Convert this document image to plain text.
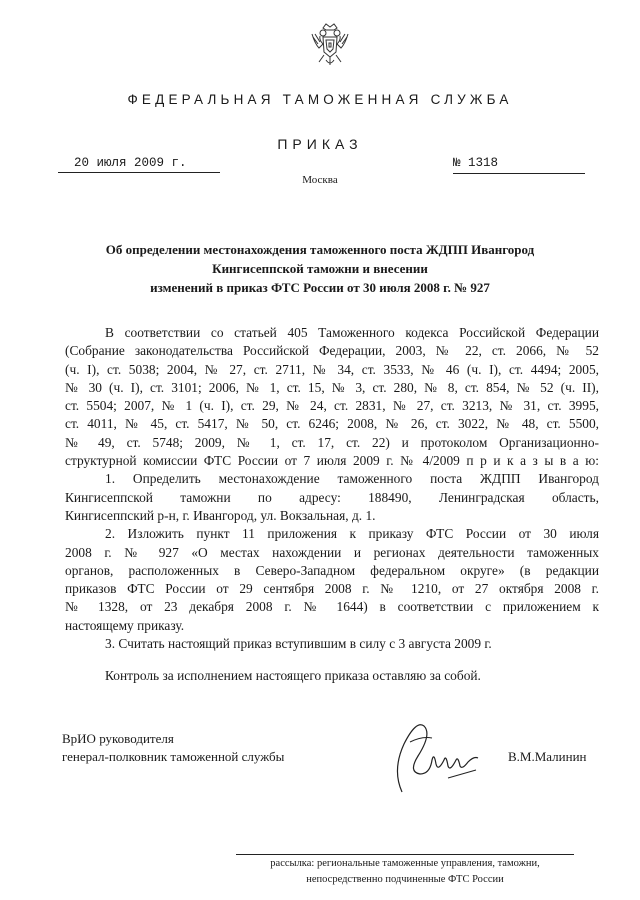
ФЕДЕРАЛЬНАЯ ТАМОЖЕННАЯ СЛУЖБА
ПРИКАЗ
20 июля 2009 г.	№ 1318
Москва
Об определении местонахождения таможенного поста ЖДПП Ивангород
Кингисеппской таможни и внесении
изменений в приказ ФТС России от 30 июля 2008 г. № 927

В соответствии со статьей 405 Таможенного кодекса Российской Федерации

(Собрание законодательства Российской Федерации, 2003, № 22, ст. 2066, № 52

(ч. I), ст. 5038; 2004, № 27, ст. 2711, № 34, ст. 3533, № 46 (ч. I), ст. 4494; 2005,

№ 30 (ч. I), ст. 3101; 2006, № 1, ст. 15, № 3, ст. 280, № 8, ст. 854, № 52 (ч. II),

ст. 5504; 2007, № 1 (ч. I), ст. 29, № 24, ст. 2831, № 27, ст. 3213, № 31, ст. 3995,

ст. 4011, № 45, ст. 5417, № 50, ст. 6246; 2008, № 26, ст. 3022, № 48, ст. 5500,

№ 49, ст. 5748; 2009, № 1, ст. 17, ст. 22) и протоколом Организационно-

структурной комиссии ФТС России от 7 июля 2009 г. № 4/2009 п р и к а з ы в а ю:

1. Определить местонахождение таможенного поста ЖДПП Ивангород

Кингисеппской таможни по адресу: 188490, Ленинградская область,

Кингисеппский р-н, г. Ивангород, ул. Вокзальная, д. 1.

2. Изложить пункт 11 приложения к приказу ФТС России от 30 июля

2008 г. № 927 «О местах нахождении и регионах деятельности таможенных

органов, расположенных в Северо-Западном федеральном округе» (в редакции

приказов ФТС России от 29 сентября 2008 г. № 1210, от 27 октября 2008 г.

№ 1328, от 23 декабря 2008 г. № 1644) в соответствии с приложением к

настоящему приказу.

3. Считать настоящий приказ вступившим в силу с 3 августа 2009 г.

Контроль за исполнением настоящего приказа оставляю за собой.

ВрИО руководителя
генерал-полковник таможенной службы	В.М.Малинин
рассылка: региональные таможенные управления, таможни,
непосредственно подчиненные ФТС России
